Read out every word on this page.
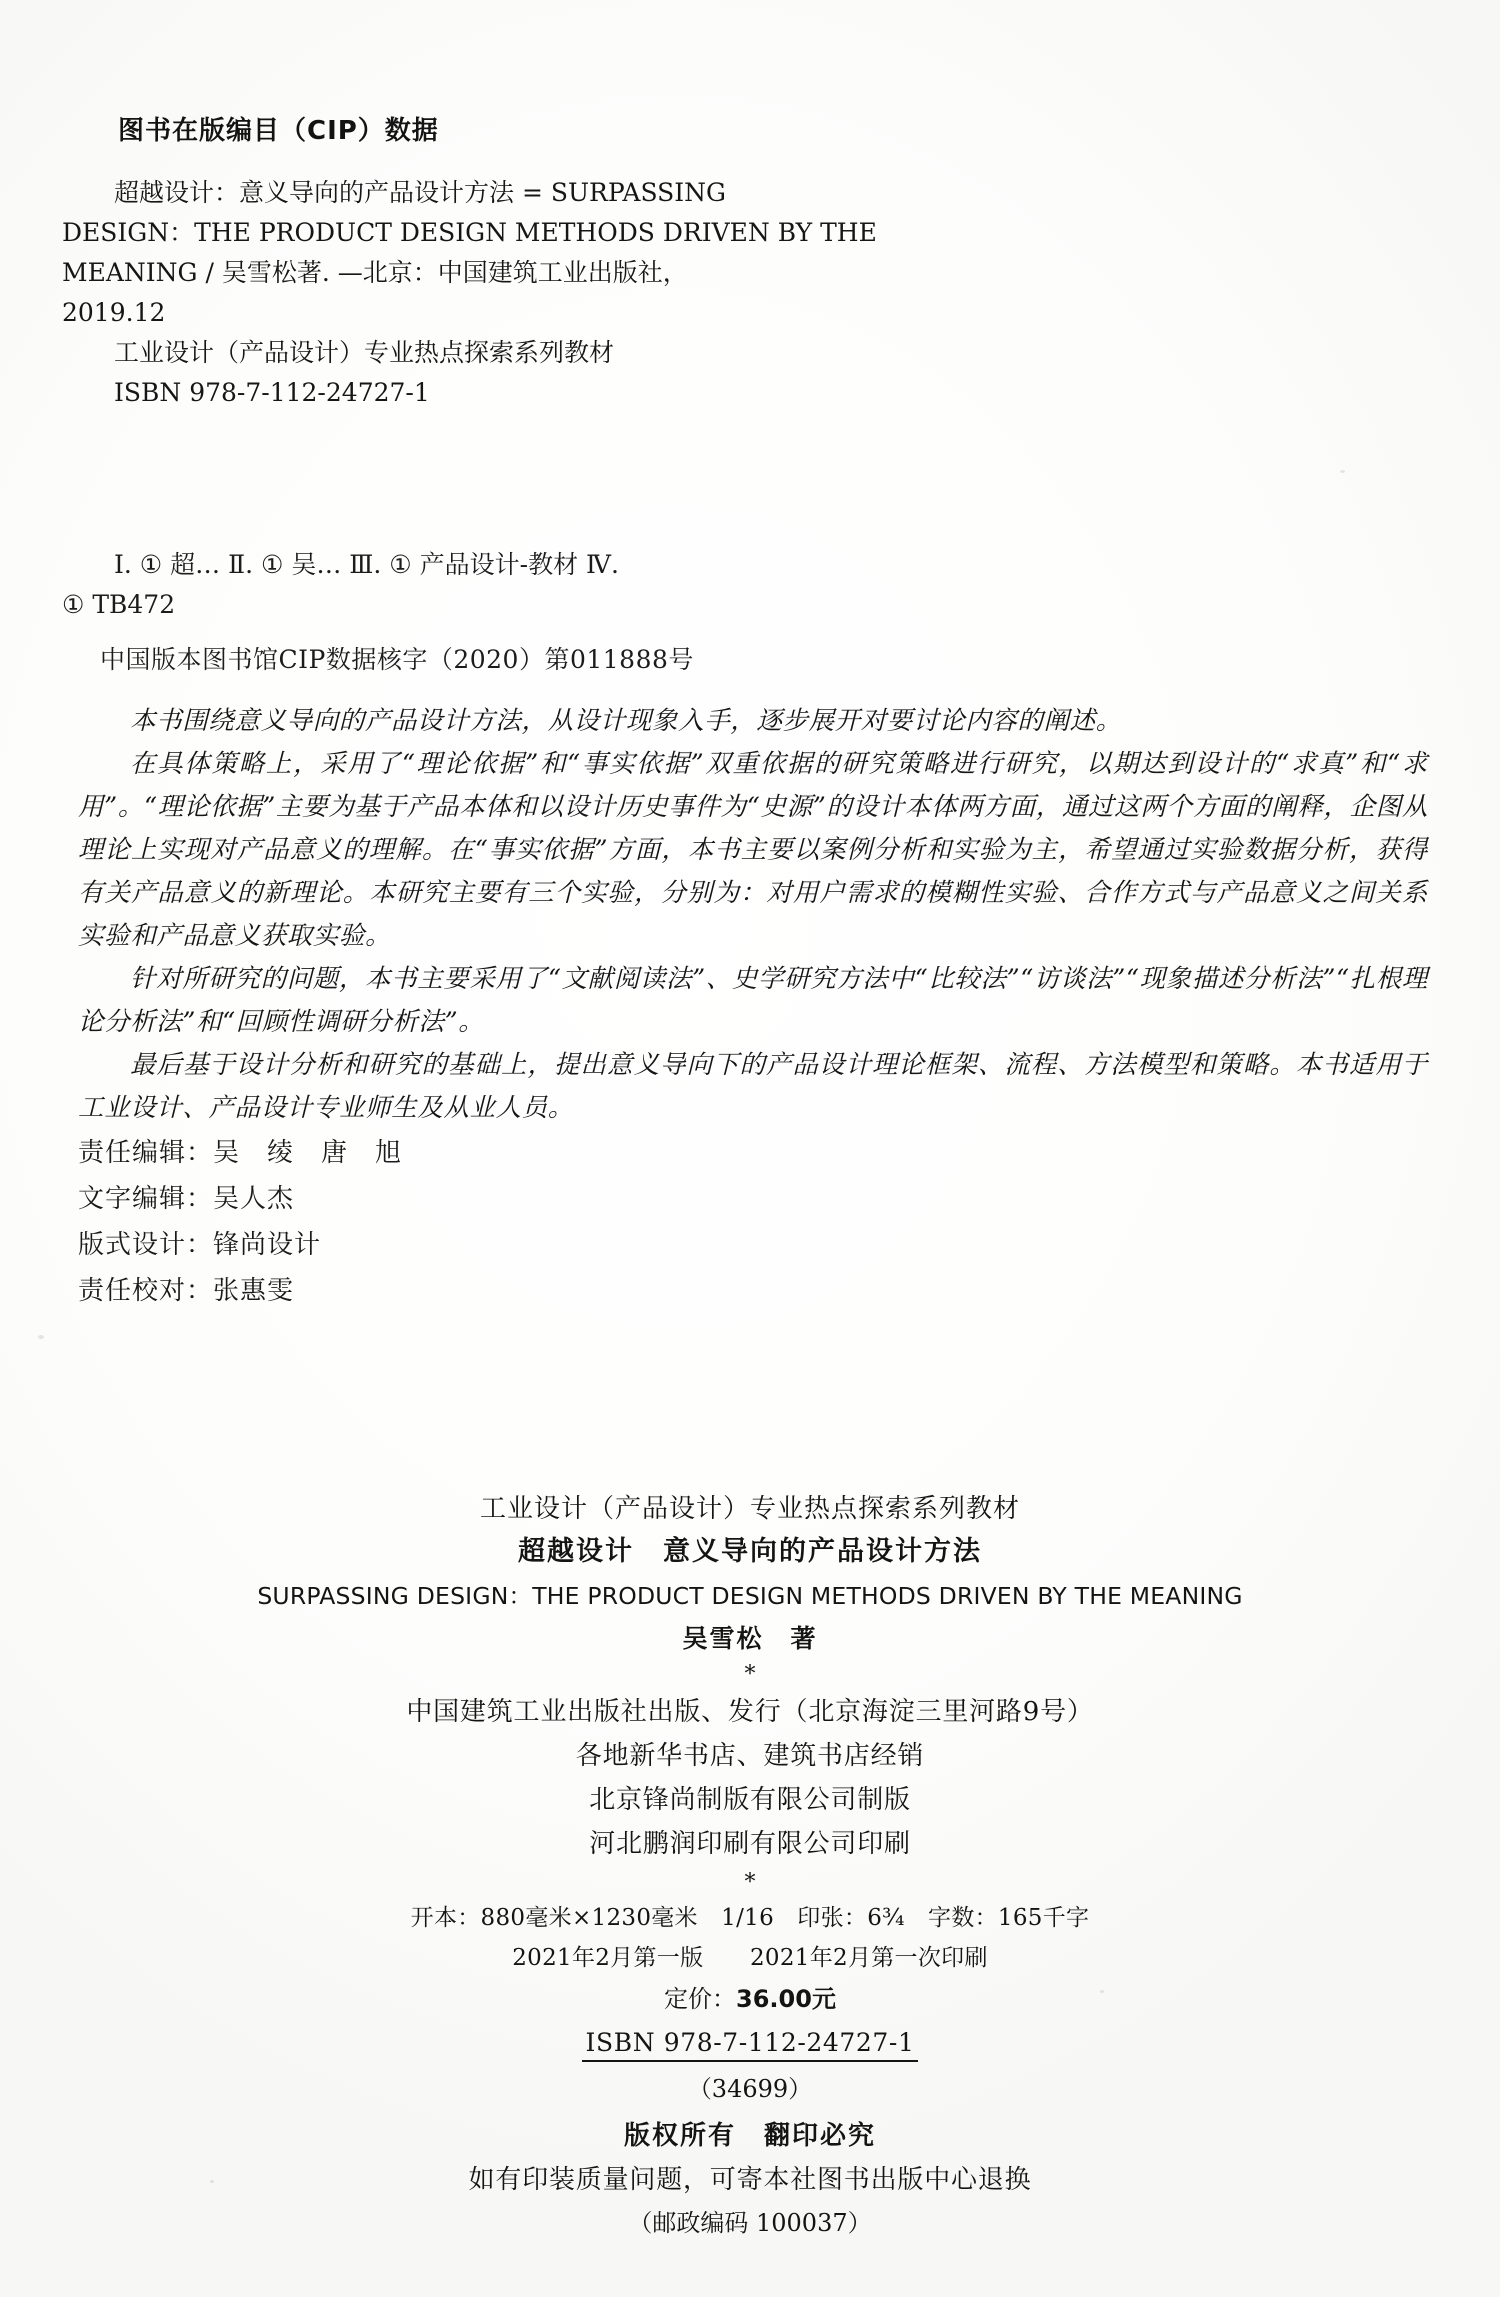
图书在版编目（CIP）数据
超越设计：意义导向的产品设计方法 = SURPASSING
DESIGN：THE PRODUCT DESIGN METHODS DRIVEN BY THE
MEANING / 吴雪松著. —北京：中国建筑工业出版社，
2019.12
工业设计（产品设计）专业热点探索系列教材
ISBN 978-7-112-24727-1
Ⅰ. ① 超… Ⅱ. ① 吴… Ⅲ. ① 产品设计-教材 Ⅳ.
① TB472
中国版本图书馆CIP数据核字（2020）第011888号

本书围绕意义导向的产品设计方法，从设计现象入手，逐步展开对要讨论内容的阐述。

在具体策略上，采用了“理论依据”和“事实依据”双重依据的研究策略进行研究，以期达到设计的“求真”和“求用”。“理论依据”主要为基于产品本体和以设计历史事件为“史源”的设计本体两方面，通过这两个方面的阐释，企图从理论上实现对产品意义的理解。在“事实依据”方面，本书主要以案例分析和实验为主，希望通过实验数据分析，获得有关产品意义的新理论。本研究主要有三个实验，分别为：对用户需求的模糊性实验、合作方式与产品意义之间关系实验和产品意义获取实验。

针对所研究的问题，本书主要采用了“文献阅读法”、史学研究方法中“比较法”“访谈法”“现象描述分析法”“扎根理论分析法”和“回顾性调研分析法”。

最后基于设计分析和研究的基础上，提出意义导向下的产品设计理论框架、流程、方法模型和策略。本书适用于工业设计、产品设计专业师生及从业人员。

责任编辑：吴　绫　唐　旭
文字编辑：吴人杰
版式设计：锋尚设计
责任校对：张惠雯
工业设计（产品设计）专业热点探索系列教材
超越设计　意义导向的产品设计方法
SURPASSING DESIGN：THE PRODUCT DESIGN METHODS DRIVEN BY THE MEANING
吴雪松　著
*
中国建筑工业出版社出版、发行（北京海淀三里河路9号）
各地新华书店、建筑书店经销
北京锋尚制版有限公司制版
河北鹏润印刷有限公司印刷
*
开本：880毫米×1230毫米　1/16　印张：6¾　字数：165千字
2021年2月第一版　　2021年2月第一次印刷
定价：36.00元
ISBN 978-7-112-24727-1
（34699）
版权所有　翻印必究
如有印装质量问题，可寄本社图书出版中心退换
（邮政编码 100037）
